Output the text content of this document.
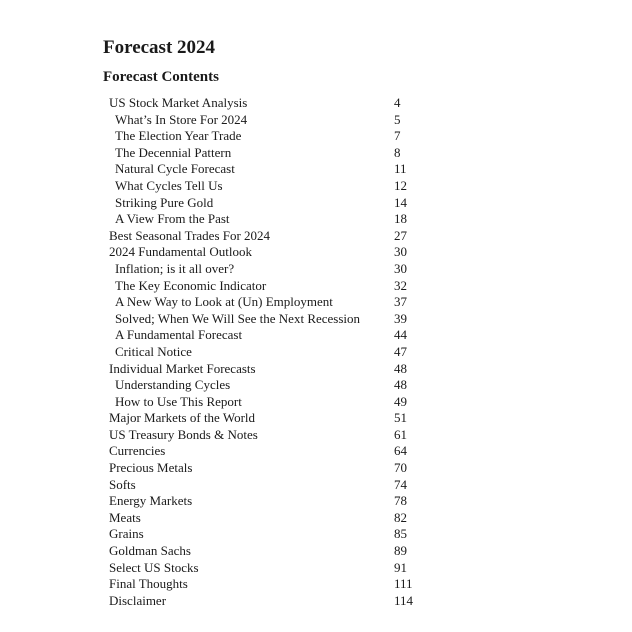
Forecast 2024
Forecast Contents
US Stock Market Analysis	4
What’s In Store For 2024	5
The Election Year Trade	7
The Decennial Pattern	8
Natural Cycle Forecast	11
What Cycles Tell Us	12
Striking Pure Gold	14
A View From the Past	18
Best Seasonal Trades For 2024	27
2024 Fundamental Outlook	30
Inflation; is it all over?	30
The Key Economic Indicator	32
A New Way to Look at (Un) Employment	37
Solved; When We Will See the Next Recession	39
A Fundamental Forecast	44
Critical Notice	47
Individual Market Forecasts	48
Understanding Cycles	48
How to Use This Report	49
Major Markets of the World	51
US Treasury Bonds & Notes	61
Currencies	64
Precious Metals	70
Softs	74
Energy Markets	78
Meats	82
Grains	85
Goldman Sachs	89
Select US Stocks	91
Final Thoughts	111
Disclaimer	114
